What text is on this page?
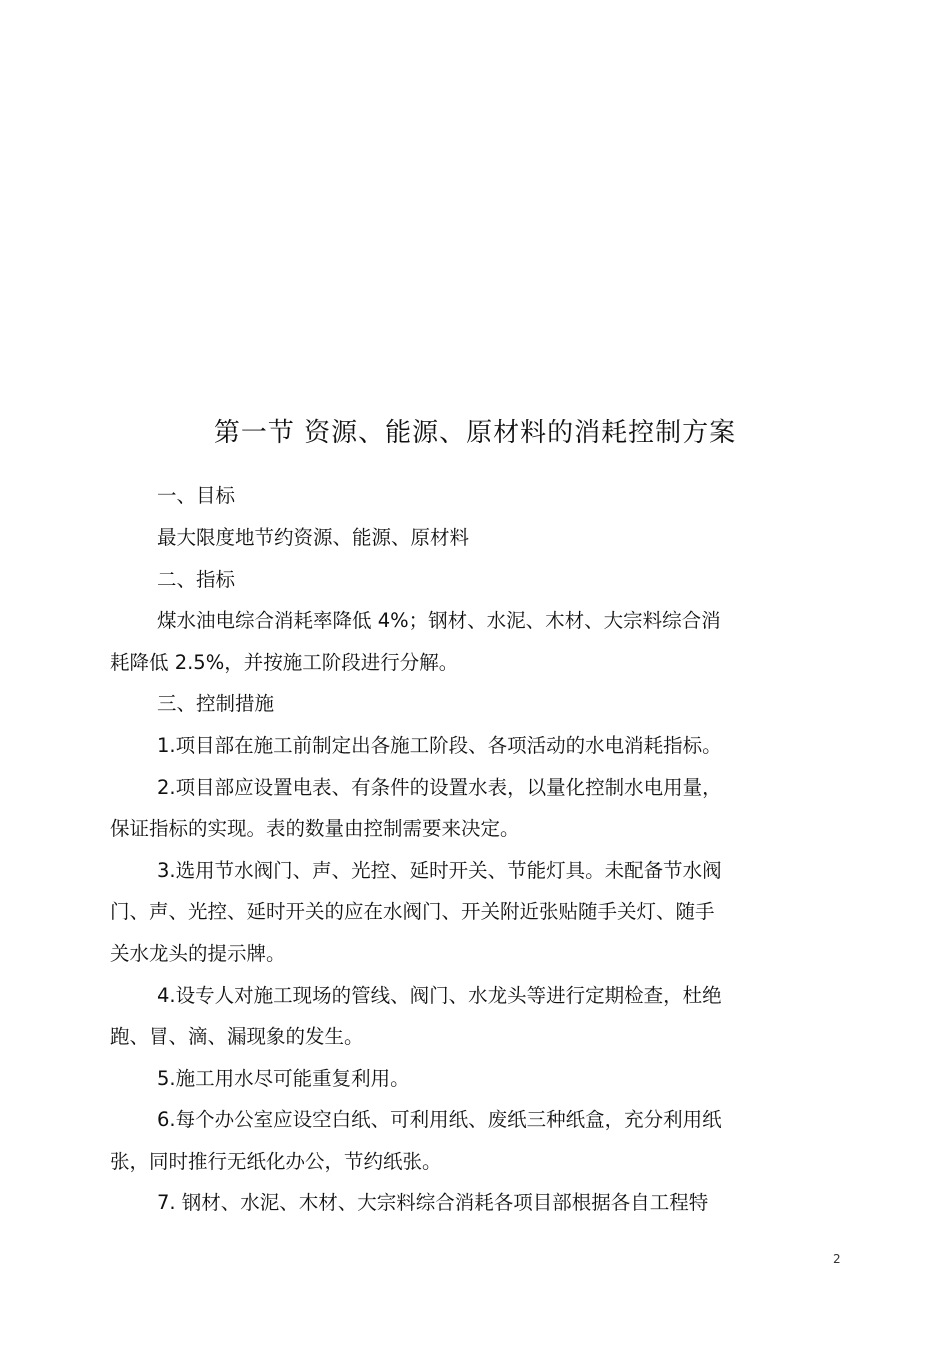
第一节 资源、能源、原材料的消耗控制方案
一、目标
最大限度地节约资源、能源、原材料
二、指标
煤水油电综合消耗率降低 4%；钢材、水泥、木材、大宗料综合消
耗降低 2.5%，并按施工阶段进行分解。
三、控制措施
1.项目部在施工前制定出各施工阶段、各项活动的水电消耗指标。
2.项目部应设置电表、有条件的设置水表，以量化控制水电用量，
保证指标的实现。表的数量由控制需要来决定。
3.选用节水阀门、声、光控、延时开关、节能灯具。未配备节水阀
门、声、光控、延时开关的应在水阀门、开关附近张贴随手关灯、随手
关水龙头的提示牌。
4.设专人对施工现场的管线、阀门、水龙头等进行定期检查，杜绝
跑、冒、滴、漏现象的发生。
5.施工用水尽可能重复利用。
6.每个办公室应设空白纸、可利用纸、废纸三种纸盒，充分利用纸
张，同时推行无纸化办公，节约纸张。
7. 钢材、水泥、木材、大宗料综合消耗各项目部根据各自工程特
2
